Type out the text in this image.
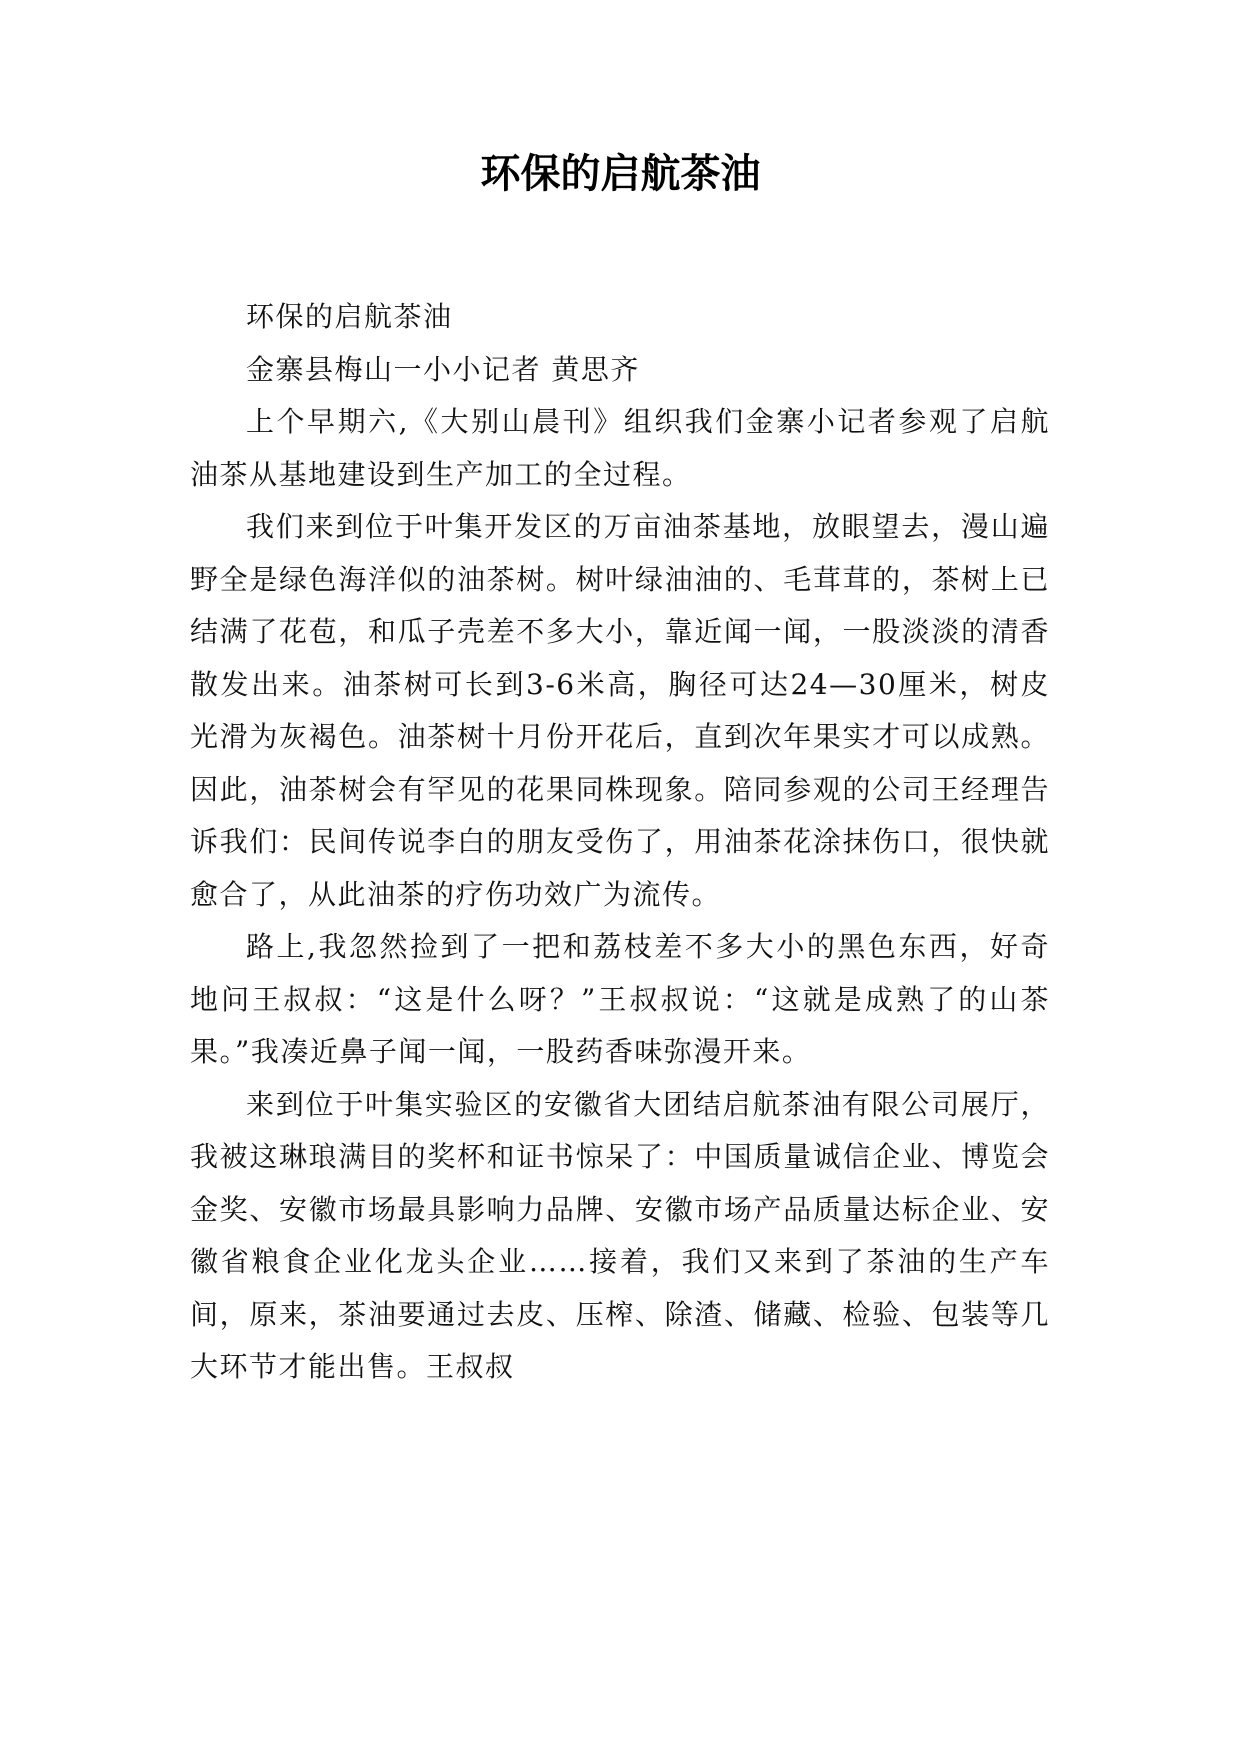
环保的启航茶油

环保的启航茶油

金寨县梅山一小小记者 黄思齐

上个早期六,《大别山晨刊》组织我们金寨小记者参观了启航油茶从基地建设到生产加工的全过程。

我们来到位于叶集开发区的万亩油茶基地，放眼望去，漫山遍野全是绿色海洋似的油茶树。树叶绿油油的、毛茸茸的，茶树上已结满了花苞，和瓜子壳差不多大小，靠近闻一闻，一股淡淡的清香散发出来。油茶树可长到3-6米高，胸径可达24—30厘米，树皮光滑为灰褐色。油茶树十月份开花后，直到次年果实才可以成熟。因此，油茶树会有罕见的花果同株现象。陪同参观的公司王经理告诉我们：民间传说李白的朋友受伤了，用油茶花涂抹伤口，很快就愈合了，从此油茶的疗伤功效广为流传。

路上,我忽然捡到了一把和荔枝差不多大小的黑色东西，好奇地问王叔叔：“这是什么呀？”王叔叔说：“这就是成熟了的山茶果。”我凑近鼻子闻一闻，一股药香味弥漫开来。

来到位于叶集实验区的安徽省大团结启航茶油有限公司展厅，我被这琳琅满目的奖杯和证书惊呆了：中国质量诚信企业、博览会金奖、安徽市场最具影响力品牌、安徽市场产品质量达标企业、安徽省粮食企业化龙头企业……接着，我们又来到了茶油的生产车间，原来，茶油要通过去皮、压榨、除渣、储藏、检验、包装等几大环节才能出售。王叔叔
